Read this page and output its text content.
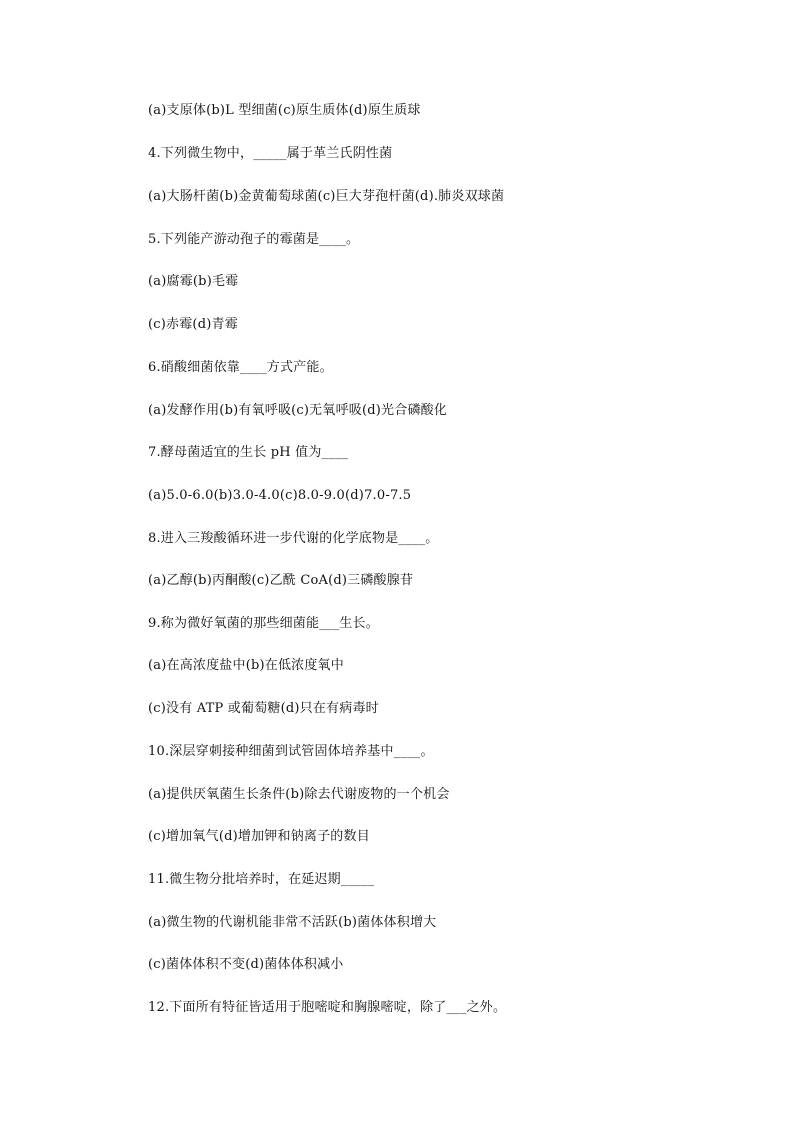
(a)支原体(b)L 型细菌(c)原生质体(d)原生质球
4.下列微生物中，_____属于革兰氏阴性菌
(a)大肠杆菌(b)金黄葡萄球菌(c)巨大芽孢杆菌(d).肺炎双球菌
5.下列能产游动孢子的霉菌是____。
(a)腐霉(b)毛霉
(c)赤霉(d)青霉
6.硝酸细菌依靠____方式产能。
(a)发酵作用(b)有氧呼吸(c)无氧呼吸(d)光合磷酸化
7.酵母菌适宜的生长 pH 值为____
(a)5.0-6.0(b)3.0-4.0(c)8.0-9.0(d)7.0-7.5
8.进入三羧酸循环进一步代谢的化学底物是____。
(a)乙醇(b)丙酮酸(c)乙酰 CoA(d)三磷酸腺苷
9.称为微好氧菌的那些细菌能___生长。
(a)在高浓度盐中(b)在低浓度氧中
(c)没有 ATP 或葡萄糖(d)只在有病毒时
10.深层穿刺接种细菌到试管固体培养基中____。
(a)提供厌氧菌生长条件(b)除去代谢废物的一个机会
(c)增加氧气(d)增加钾和钠离子的数目
11.微生物分批培养时，在延迟期_____
(a)微生物的代谢机能非常不活跃(b)菌体体积增大
(c)菌体体积不变(d)菌体体积减小
12.下面所有特征皆适用于胞嘧啶和胸腺嘧啶，除了___之外。
